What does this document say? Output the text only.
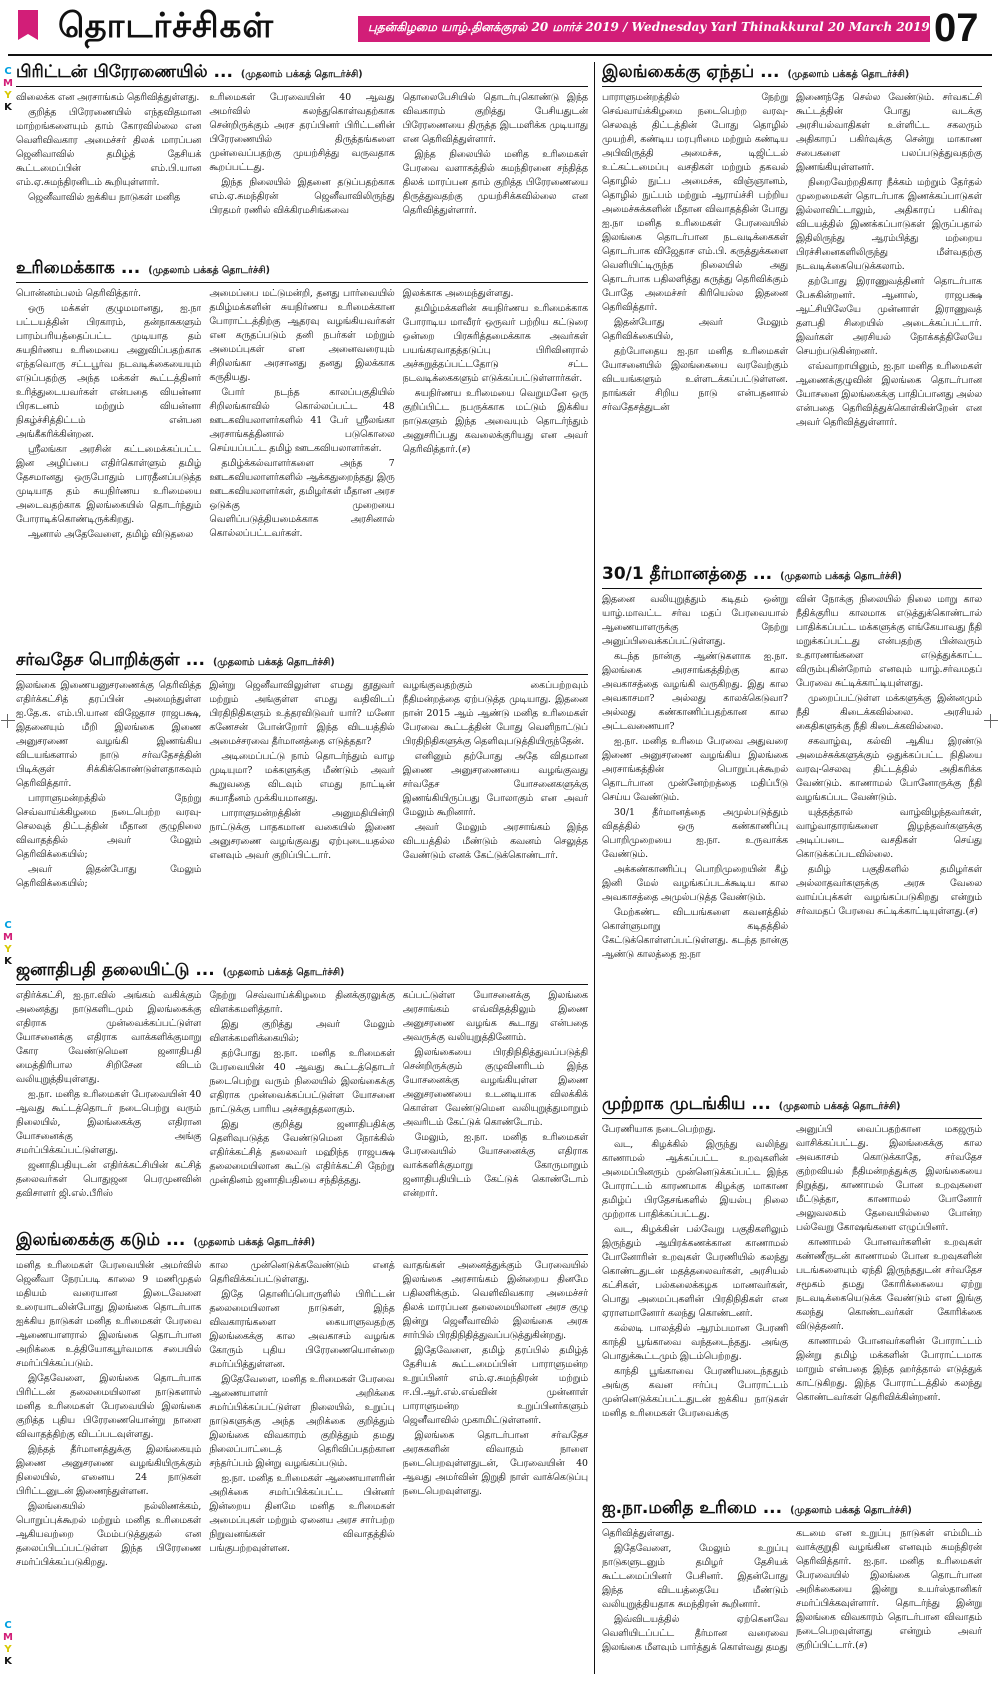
தொடர்ச்சிகள்	புதன்கிழமை யாழ்.தினக்குரல் 20 மார்ச் 2019 / Wednesday Yarl Thinakkural 20 March 2019 07
C
M
Y
K
C
M
Y
K
C
M
Y
K
பிரிட்டன் பிரேரணையில் ... (முதலாம் பக்கத் தொடர்ச்சி)

விலைக்க என அரசாங்கம் தெரிவித்துள்ளது.

குறித்த பிரேரணையில் எந்தவிதமான மாற்றங்களையும் தாம் கோரவில்லை என வெளிவிவகார அமைச்சர் திலக் மாரப்பன ஜெனிவாவில் தமிழ்த் தேசியக் கூட்டமைப்பின் எம்.பி.யான எம்.ஏ.சுமந்திரனிடம் கூறியுள்ளார்.

ஜெனீவாவில் ஐக்கிய நாடுகள் மனித

உரிமைகள் பேரவையின் 40 ஆவது அமர்வில் கலந்துகொள்வதற்காக சென்றிருக்கும் அரச தரப்பினர் பிரிட்டனின் பிரேரணையில் திருத்தங்களை முன்வைப்பதற்கு முயற்சித்து வருவதாக கூறப்பட்டது.

இந்த நிலையில் இதனை தடுப்பதற்காக எம்.ஏ.சுமந்திரன் ஜெனீவாவிலிருந்து பிரதமர் ரணில் விக்கிரமசிங்கவை

தொலைபேசியில் தொடர்புகொண்டு இந்த விவகாரம் குறித்து பேசியதுடன் பிரேரணையை திருத்த இடமளிக்க முடியாது என தெரிவித்துள்ளார்.

இந்த நிலையில் மனித உரிமைகள் பேரவை வளாகத்தில் சுமந்திரனை சந்தித்த திலக் மாரப்பன தாம் குறித்த பிரேரணையை திருத்துவதற்கு முயற்சிக்கவில்லை என தெரிவித்துள்ளார்.

உரிமைக்காக ... (முதலாம் பக்கத் தொடர்ச்சி)

பொன்னம்பலம் தெரிவித்தார்.

ஒரு மக்கள் குழுமமானது, ஐ.நா பட்டயத்தின் பிரகாரம், தன்நாசுகளும் பாரம்பரியத்தைப்பட்ட முடியாத தம் சுயநிர்ணய உரிமையை அனுவிப்பதற்காக எந்தவொரு சட்டபூர்வ நடவடிக்கையையும் எடுப்பதற்கு அந்த மக்கள் கூட்டத்தினர் உரித்துடையவர்கள் என்பதை வியன்னா பிரகடனம் மற்றும் வியன்னா நிகழ்ச்சித்திட்டம் என்பன அங்கீகரிக்கின்றன.

ஸ்ரீலங்கா அரசின் கட்டமைக்கப்பட்ட இன அழிப்பை எதிர்கொள்ளும் தமிழ் தேசமானது ஒருபோதும் பாரதீனப்படுத்த முடியாத தம் சுயநிர்ணய உரிமையை அடைவதற்காக இலங்கையில் தொடர்ந்தும் போராடிக்கொண்டிருக்கிறது.

ஆனால் அதேவேளை, தமிழ் விடுதலை

அமைப்பை மட்டுமன்றி, தனது பார்வையில் தமிழ்மக்களின் சுயநிர்ணய உரிமைக்கான போராட்டத்திற்கு ஆதரவு வழங்கியவர்கள் என கருதப்படும் தனி நபர்கள் மற்றும் அமைப்புகள் என அனைவரையும் சிறிலங்கா அரசானது தனது இலக்காக கருதியது.

போர் நடந்த காலப்பகுதியில் சிறிலங்காவில் கொல்லப்பட்ட 48 ஊடகவியலாளர்களில் 41 பேர் ஸ்ரீலங்கா அரசாங்கத்தினால் படுகொலை செய்யப்பட்ட தமிழ் ஊடகவியலாளர்கள்.

தமிழ்க்கல்வாளர்களை அந்த 7 ஊடகவியலாளர்களில் ஆக்கதுறைந்தது இரு ஊடகவியலாளர்கள், தமிழர்கள் மீதான அரச ஒடுக்கு முறையை வெளிப்படுத்தியமைக்காக அரசினால் கொல்லப்பட்டவர்கள்.

இலக்காக அமைந்துள்ளது.

தமிழ்மக்களின் சுயநிர்ணய உரிமைக்காக போராடிய மாவீரர் ஒருவர் பற்றிய கட்டுரை ஒன்றை பிரசுரித்தமைக்காக அவர்கள் பயங்கரவாதத்தடுப்பு பிரிவினரால் அச்சுறுத்தப்பட்டதோடு சட்ட நடவடிக்கைகளும் எடுக்கப்பட்டுள்ளார்கள்.

சுயநிர்ணய உரிமையை வெறுமனே ஒரு குறிப்பிட்ட நபருக்காக மட்டும் இக்கிய நாடுகளும் இந்த அவையும் தொடர்ந்தும் அனுசரிப்பது கவலைக்குரியது என அவர் தெரிவித்தார்.(ச)

சர்வதேச பொறிக்குள் ... (முதலாம் பக்கத் தொடர்ச்சி)

இலங்கை இணையனுசரணைக்கு தெரிவித்த எதிர்க்கட்சித் தரப்பின் அமைந்துள்ள ஐ.தே.க. எம்.பி.யான விஜேதாச ராஜபக்ஷ, இதனையும் மீறி இலங்கை இணை அனுசரணை வழங்கி இணங்கிய விடயங்களால் நாடு சர்வதேசத்தின் பிடிக்குள் சிக்கிக்கொண்டுள்ளதாகவும் தெரிவித்தார்.

பாராளுமன்றத்தில் நேற்று செவ்வாய்க்கிழமை நடைபெற்ற வரவு- செலவுத் திட்டத்தின் மீதான குழுநிலை விவாதத்தில் அவர் மேலும் தெரிவிக்கையில்;

அவர் இதன்போது மேலும் தெரிவிக்கையில்;

இன்று ஜெனீவாவிலுள்ள எமது தூதுவர் மற்றும் அங்குள்ள எமது வதிவிடப் பிரதிநிதிகளும் உத்தரவிடுவர் யார்? மனோ கணேசன் போன்றோர் இந்த விடயத்தில் அமைச்சரவை தீர்மானத்தை எடுத்ததா?

அடிமைப்பட்டு நாம் தொடர்ந்தும் வாழ முடியுமா? மக்களுக்கு மீண்டும் அவர் கூறுவதை விடவும் எமது நாட்டின் சுயாதீனம் முக்கியமானது.

பாராளுமன்றத்தின் அனுமதியின்றி நாட்டுக்கு பாதகமான வகையில் இணை அனுசரணை வழங்குவது ஏற்புடையதல்ல எனவும் அவர் குறிப்பிட்டார்.

வழங்குவதற்கும் கைப்பற்றவும் நீதிமன்றத்தை ஏற்படுத்த முடியாது. இதனை நான் 2015 ஆம் ஆண்டு மனித உரிமைகள் பேரவை கூட்டத்தின் போது வெளிநாட்டுப் பிரதிநிதிகளுக்கு தெளிவுபடுத்தியிருந்தேன்.

எனினும் தற்போது அதே விதமான இணை அனுசரணையை வழங்குவது சர்வதேச யோசனைகளுக்கு இணங்கியிருப்பது போலாகும் என அவர் மேலும் கூறினார்.

அவர் மேலும் அரசாங்கம் இந்த விடயத்தில் மீண்டும் கவனம் செலுத்த வேண்டும் எனக் கேட்டுக்கொண்டார்.

ஜனாதிபதி தலையிட்டு ... (முதலாம் பக்கத் தொடர்ச்சி)

எதிர்க்கட்சி, ஐ.நா.வில் அங்கம் வகிக்கும் அனைத்து நாடுகளிடமும் இலங்கைக்கு எதிராக முன்வைக்கப்பட்டுள்ள யோசனைக்கு எதிராக வாக்களிக்குமாறு கோர வேண்டுமென ஜனாதிபதி மைத்திரிபால சிறிசேன விடம் வலியுறுத்தியுள்ளது.

ஐ.நா. மனித உரிமைகள் பேரவையின் 40 ஆவது கூட்டத்தொடர் நடைபெற்று வரும் நிலையில், இலங்கைக்கு எதிரான யோசனைக்கு அங்கு சமர்ப்பிக்கப்பட்டுள்ளது.

ஜனாதிபதியுடன் எதிர்க்கட்சியின் கட்சித் தலைவர்கள் பொதுஜன பெரமுனவின் தவிசாளர் ஜி.எல்.பீரிஸ்

நேற்று செவ்வாய்க்கிழமை தினக்குரலுக்கு விளக்கமளித்தார்.

இது குறித்து அவர் மேலும் விளக்கமளிக்கையில்;

தற்போது ஐ.நா. மனித உரிமைகள் பேரவையின் 40 ஆவது கூட்டத்தொடர் நடைபெற்று வரும் நிலையில் இலங்கைக்கு எதிராக முன்வைக்கப்பட்டுள்ள யோசனை நாட்டுக்கு பாரிய அச்சுறுத்தலாகும்.

இது குறித்து ஜனாதிபதிக்கு தெளிவுபடுத்த வேண்டுமென நோக்கில் எதிர்க்கட்சித் தலைவர் மஹிந்த ராஜபக்ஷ தலைமையிலான கூட்டு எதிர்க்கட்சி நேற்று முன்தினம் ஜனாதிபதியை சந்தித்தது.

கப்பட்டுள்ள யோசனைக்கு இலங்கை அரசாங்கம் எவ்விதத்திலும் இணை அனுசரணை வழங்க கூடாது என்பதை அவருக்கு வலியுறுத்தினோம்.

இலங்கையை பிரதிநிதித்துவப்படுத்தி சென்றிருக்கும் குழுவினரிடம் இந்த யோசனைக்கு வழங்கியுள்ள இணை அனுசரணையை உடனடியாக விலக்கிக் கொள்ள வேண்டுமென வலியுறுத்துமாறும் அவரிடம் கேட்டுக் கொண்டோம்.

மேலும், ஐ.நா. மனித உரிமைகள் பேரவையில் யோசனைக்கு எதிராக வாக்களிக்குமாறு கோருமாறும் ஜனாதிபதியிடம் கேட்டுக் கொண்டோம் என்றார்.

இலங்கைக்கு கடும் ... (முதலாம் பக்கத் தொடர்ச்சி)

மனித உரிமைகள் பேரவையின் அமர்வில் ஜெனீவா நேரப்படி காலை 9 மணிமுதல் மதியம் வரையான இடைவேளை உரையாடலின்போது இலங்கை தொடர்பாக ஐக்கிய நாடுகள் மனித உரிமைகள் பேரவை ஆணையாளரால் இலங்கை தொடர்பான அறிக்கை உத்தியோகபூர்வமாக சபையில் சமர்ப்பிக்கப்படும்.

இதேவேளை, இலங்கை தொடர்பாக பிரிட்டன் தலைமையிலான நாடுகளால் மனித உரிமைகள் பேரவையில் இலங்கை குறித்த புதிய பிரேரணையொன்று நாளை விவாதத்திற்கு விடப்படவுள்ளது.

இந்தத் தீர்மானத்துக்கு இலங்கையும் இணை அனுசரணை வழங்கியிருக்கும் நிலையில், எனைய 24 நாடுகள் பிரிட்டனுடன் இணைந்துள்ளன.

இலங்கையில் நல்லிணக்கம், பொறுப்புக்கூறல் மற்றும் மனித உரிமைகள் ஆகியவற்றை மேம்படுத்துதல் என தலைப்பிடப்பட்டுள்ள இந்த பிரேரணை சமர்ப்பிக்கப்படுகிறது.

கால முன்னெடுக்கவேண்டும் எனத் தெரிவிக்கப்பட்டுள்ளது.

இதே தொனிப்பொருளில் பிரிட்டன் தலைமையிலான நாடுகள், இந்த விவகாரங்களை கையாளுவதற்கு இலங்கைக்கு கால அவகாசம் வழங்க கோரும் புதிய பிரேரணையொன்றை சமர்ப்பித்துள்ளன.

இதேவேளை, மனித உரிமைகள் பேரவை ஆணையாளர் அறிக்கை சமர்ப்பிக்கப்பட்டுள்ள நிலையில், உறுப்பு நாடுகளுக்கு அந்த அறிக்கை குறித்தும் இலங்கை விவகாரம் குறித்தும் தமது நிலைப்பாட்டைத் தெரிவிப்பதற்கான சந்தர்ப்பம் இன்று வழங்கப்படும்.

ஐ.நா. மனித உரிமைகள் ஆணையாளரின் அறிக்கை சமர்ப்பிக்கப்பட்ட பின்னர் இன்றைய தினமே மனித உரிமைகள் அமைப்புகள் மற்றும் ஏனைய அரச சார்பற்ற நிறுவனங்கள் விவாதத்தில் பங்குபற்றவுள்ளன.

வாதங்கள் அனைத்துக்கும் பேரவையில் இலங்கை அரசாங்கம் இன்றைய தினமே பதிலளிக்கும். வெளிவிவகார அமைச்சர் திலக் மாரப்பன தலைமையிலான அரச குழு இன்று ஜெனீவாவில் இலங்கை அரசு சார்பில் பிரதிநிதித்துவப்படுத்துகின்றது.

இதேவேளை, தமிழ் தரப்பில் தமிழ்த் தேசியக் கூட்டமைப்பின் பாராளுமன்ற உறுப்பினர் எம்.ஏ.சுமந்திரன் மற்றும் ஈ.பி.ஆர்.எல்.எவ்வின் முன்னாள் பாராளுமன்ற உறுப்பினர்களும் ஜெனீவாவில் முகாமிட்டுள்ளனர்.

இலங்கை தொடர்பான சர்வதேச அரசுகளின் விவாதம் நாளை நடைபெறவுள்ளதுடன், பேரவையின் 40 ஆவது அமர்வின் இறுதி நாள் வாக்கெடுப்பு நடைபெறவுள்ளது.

இலங்கைக்கு ஏந்தப் ... (முதலாம் பக்கத் தொடர்ச்சி)

பாராளுமன்றத்தில் நேற்று செவ்வாய்க்கிழமை நடைபெற்ற வரவு-செலவுத் திட்டத்தின் போது தொழில் முயற்சி, கண்டிய மரபுரிமை மற்றும் கண்டிய அபிவிருத்தி அமைச்சு, டிஜிட்டல் உட்கட்டமைப்பு வசதிகள் மற்றும் தகவல் தொழில் நுட்ப அமைச்சு, விஞ்ஞானம், தொழில் நுட்பம் மற்றும் ஆராய்ச்சி பற்றிய அமைச்சுக்களின் மீதான விவாதத்தின் போது ஐ.நா மனித உரிமைகள் பேரவையில் இலங்கை தொடர்பான நடவடிக்கைகள் தொடர்பாக விஜேதாச எம்.பி. கருத்துக்களை வெளியிட்டிருந்த நிலையில் அது தொடர்பாக பதிலளித்து கருத்து தெரிவிக்கும் போதே அமைச்சர் கிரியெல்ல இதனை தெரிவித்தார்.

இதன்போது அவர் மேலும் தெரிவிக்கையில்,

தற்போதைய ஐ.நா மனித உரிமைகள் யோசனையில் இலங்கையை வரவேற்கும் விடயங்களும் உள்ளடக்கப்பட்டுள்ளன. நாங்கள் சிறிய நாடு என்பதனால் சர்வதேசத்துடன்

இணைந்தே செல்ல வேண்டும். சர்வகட்சி கூட்டத்தின் போது வடக்கு அரசியல்வாதிகள் உள்ளிட்ட சகலரும் அதிகாரப் பகிர்வுக்கு சென்று மாகாண சபைகளை பலப்படுத்துவதற்கு இணங்கியுள்ளனர்.

நிறைவேற்றதிகார நீக்கம் மற்றும் தேர்தல் முறைமைகள் தொடர்பாக இணக்கப்பாடுகள் இல்லாவிட்டாலும், அதிகாரப் பகிர்வு விடயத்தில் இணக்கப்பாடுகள் இருப்பதால் இதிலிருந்து ஆரம்பித்து மற்றைய பிரச்சினைகளிலிருந்து மீள்வதற்கு நடவடிக்கையெடுக்கலாம்.

தற்போது இராணுவத்தினர் தொடர்பாக பேசுகின்றனர். ஆனால், ராஜபக்ஷ ஆட்சியிலேயே முன்னாள் இராணுவத் தளபதி சிறையில் அடைக்கப்பட்டார். இவர்கள் அரசியல் நோக்கத்திலேயே செயற்படுகின்றனர்.

எவ்வாறாயினும், ஐ.நா மனித உரிமைகள் ஆணைக்குழுவின் இலங்கை தொடர்பான யோசனை இலங்கைக்கு பாதிப்பானது அல்ல என்பதை தெரிவித்துக்கொள்கின்றேன் என அவர் தெரிவித்துள்ளார்.

30/1 தீர்மானத்தை ... (முதலாம் பக்கத் தொடர்ச்சி)

இதனை வலியுறுத்தும் கடிதம் ஒன்று யாழ்.மாவட்ட சர்வ மதப் பேரவையால் ஆணையாளருக்கு நேற்று அனுப்பிவைக்கப்பட்டுள்ளது.

கடந்த நான்கு ஆண்டுகளாக ஐ.நா. இலங்கை அரசாங்கத்திற்கு கால அவகாசத்தை வழங்கி வருகிறது. இது கால அவகாசமா? அல்லது காலக்கெடுவா? அல்லது கண்காணிப்பதற்கான கால அட்டவணையா?

ஐ.நா. மனித உரிமை பேரவை அதுவரை இணை அனுசரணை வழங்கிய இலங்கை அரசாங்கத்தின் பொறுப்புக்கூறல் தொடர்பான முன்னேற்றத்தை மதிப்பீடு செய்ய வேண்டும்.

30/1 தீர்மானத்தை அமுல்படுத்தும் விதத்தில் ஒரு கண்காணிப்பு பொறிமுறையை ஐ.நா. உருவாக்க வேண்டும்.

அக்கண்காணிப்பு பொறிமுறையின் கீழ் இனி மேல் வழங்கப்படக்கூடிய கால அவகாசத்தை அமுல்படுத்த வேண்டும்.

மேற்கண்ட விடயங்களை கவனத்தில் கொள்ளுமாறு கடிதத்தில் கேட்டுக்கொள்ளப்பட்டுள்ளது. கடந்த நான்கு ஆண்டு காலத்தை ஐ.நா

வின் நோக்கு நிலையில் நிலை மாறு கால நீதிக்குரிய காலமாக எடுத்துக்கொண்டால் பாதிக்கப்பட்ட மக்களுக்கு எங்கேயாவது நீதி மறுக்கப்பட்டது என்பதற்கு பின்வரும் உதாரணங்களை எடுத்துக்காட்ட விரும்புகின்றோம் எனவும் யாழ்.சர்வமதப் பேரவை சுட்டிக்காட்டியுள்ளது.

முறைப்பட்டுள்ள மக்களுக்கு இன்னமும் நீதி கிடைக்கவில்லை. அரசியல் கைதிகளுக்கு நீதி கிடைக்கவில்லை.

சகவாழ்வு, கல்வி ஆகிய இரண்டு அமைச்சுக்களுக்கும் ஒதுக்கப்பட்ட நிதியை வரவு-செலவு திட்டத்தில் அதிகரிக்க வேண்டும். காணாமல் போனோருக்கு நீதி வழங்கப்பட வேண்டும்.

யுத்தத்தால் வாழ்விழந்தவர்கள், வாழ்வாதாரங்களை இழந்தவர்களுக்கு அடிப்படை வசதிகள் செய்து கொடுக்கப்படவில்லை.

தமிழ் பகுதிகளில் தமிழர்கள் அல்லாதவர்களுக்கு அரசு வேலை வாய்ப்புக்கள் வழங்கப்படுகிறது என்றும் சர்வமதப் பேரவை சுட்டிக்காட்டியுள்ளது.(ச)

முற்றாக முடங்கிய ... (முதலாம் பக்கத் தொடர்ச்சி)

பேரணியாக நடைபெற்றது.

வட, கிழக்கில் இருந்து வலிந்து காணாமல் ஆக்கப்பட்ட உறவுகளின் அமைப்பினரும் முன்னெடுக்கப்பட்ட இந்த போராட்டம் காரணமாக கிழக்கு மாகாண தமிழ்ப் பிரதேசங்களில் இயல்பு நிலை முற்றாக பாதிக்கப்பட்டது.

வட, கிழக்கின் பல்வேறு பகுதிகளிலும் இருந்தும் ஆயிரக்கணக்கான காணாமல் போனோரின் உறவுகள் பேரணியில் கலந்து கொண்டதுடன் மதத்தலைவர்கள், அரசியல் கட்சிகள், பல்கலைக்கழக மாணவர்கள், பொது அமைப்புகளின் பிரதிநிதிகள் என ஏராளமானோர் கலந்து கொண்டனர்.

கல்லடி பாலத்தில் ஆரம்பமான பேரணி காந்தி பூங்காவை வந்தடைந்தது. அங்கு பொதுக்கூட்டமும் இடம்பெற்றது.

காந்தி பூங்காவை பேரணியடைந்ததும் அங்கு கவன ஈர்ப்பு போராட்டம் முன்னெடுக்கப்பட்டதுடன் ஐக்கிய நாடுகள் மனித உரிமைகள் பேரவைக்கு

அனுப்பி வைப்பதற்கான மகஜரும் வாசிக்கப்பட்டது. இலங்கைக்கு கால அவகாசம் கொடுக்காதே, சர்வதேச குற்றவியல் நீதிமன்றத்துக்கு இலங்கையை நிறுத்து, காணாமல் போன உறவுகளை மீட்டுத்தா, காணாமல் போனோர் அலுவலகம் தேவையில்லை போன்ற பல்வேறு கோஷங்களை எழுப்பினர்.

காணாமல் போனவர்களின் உறவுகள் கண்ணீருடன் காணாமல் போன உறவுகளின் படங்களையும் ஏந்தி இருந்ததுடன் சர்வதேச சமூகம் தமது கோரிக்கையை ஏற்று நடவடிக்கையெடுக்க வேண்டும் என இங்கு கலந்து கொண்டவர்கள் கோரிக்கை விடுத்தனர்.

காணாமல் போனவர்களின் போராட்டம் இன்று தமிழ் மக்களின் போராட்டமாக மாறும் என்பதை இந்த ஹர்த்தால் எடுத்துக் காட்டுகிறது. இந்த போராட்டத்தில் கலந்து கொண்டவர்கள் தெரிவிக்கின்றனர்.

ஐ.நா.மனித உரிமை ... (முதலாம் பக்கத் தொடர்ச்சி)

தெரிவித்துள்ளது.

இதேவேளை, மேலும் உறுப்பு நாடுகளுடனும் தமிழர் தேசியக் கூட்டமைப்பினர் பேசினர். இதன்போது இந்த விடயத்தையே மீண்டும் வலியுறுத்தியதாக சுமந்திரன் கூறினார்.

இவ்விடயத்தில் ஏற்கெனவே வெளியிடப்பட்ட தீர்மான வரைவை இலங்கை மீளவும் பார்த்துக் கொள்வது தமது

கடமை என உறுப்பு நாடுகள் எம்மிடம் வாக்குறுதி வழங்கின எனவும் சுமந்திரன் தெரிவித்தார். ஐ.நா. மனித உரிமைகள் பேரவையில் இலங்கை தொடர்பான அறிக்கையை இன்று உயர்ஸ்தானிகர் சமர்ப்பிக்கவுள்ளார். தொடர்ந்து இன்று இலங்கை விவகாரம் தொடர்பான விவாதம் நடைபெறவுள்ளது என்றும் அவர் குறிப்பிட்டார்.(ச)
